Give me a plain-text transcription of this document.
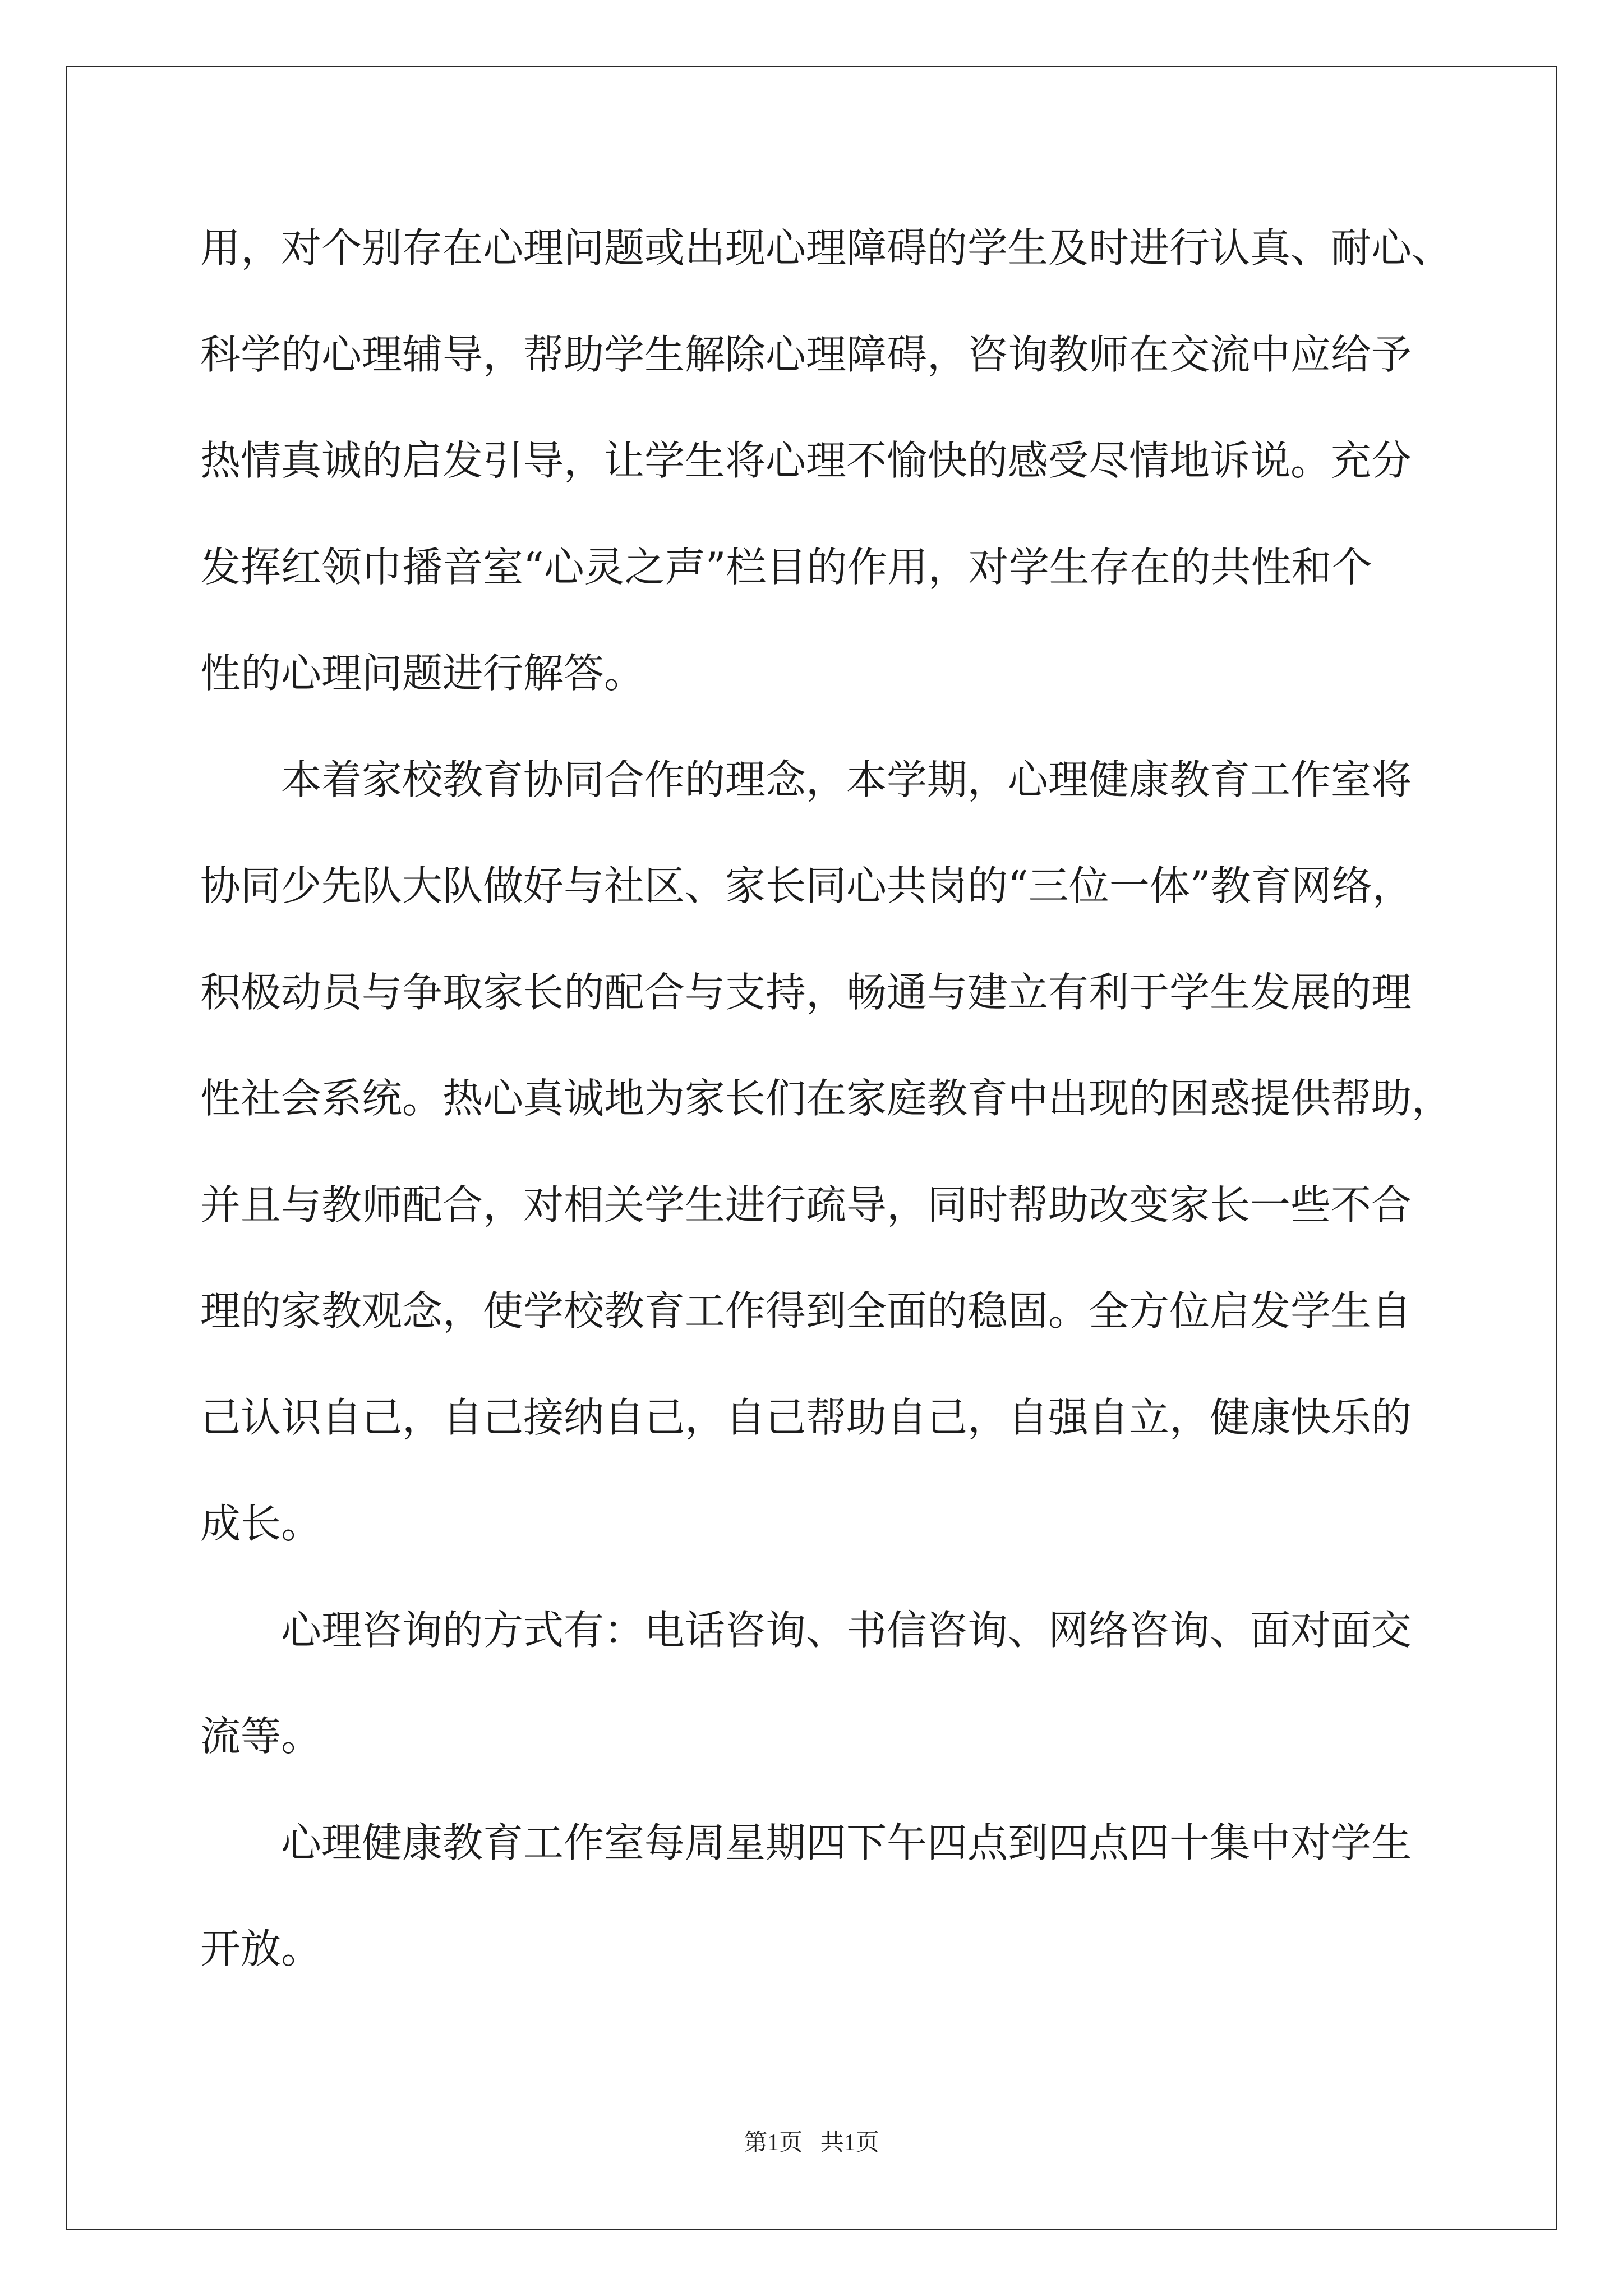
用，对个别存在心理问题或出现心理障碍的学生及时进行认真、耐心、
科学的心理辅导，帮助学生解除心理障碍，咨询教师在交流中应给予
热情真诚的启发引导，让学生将心理不愉快的感受尽情地诉说。充分
发挥红领巾播音室“心灵之声”栏目的作用，对学生存在的共性和个
性的心理问题进行解答。
本着家校教育协同合作的理念，本学期，心理健康教育工作室将
协同少先队大队做好与社区、家长同心共岗的“三位一体”教育网络，
积极动员与争取家长的配合与支持，畅通与建立有利于学生发展的理
性社会系统。热心真诚地为家长们在家庭教育中出现的困惑提供帮助，
并且与教师配合，对相关学生进行疏导，同时帮助改变家长一些不合
理的家教观念，使学校教育工作得到全面的稳固。全方位启发学生自
己认识自己，自己接纳自己，自己帮助自己，自强自立，健康快乐的
成长。
心理咨询的方式有：电话咨询、书信咨询、网络咨询、面对面交
流等。
心理健康教育工作室每周星期四下午四点到四点四十集中对学生
开放。
第1页   共1页
